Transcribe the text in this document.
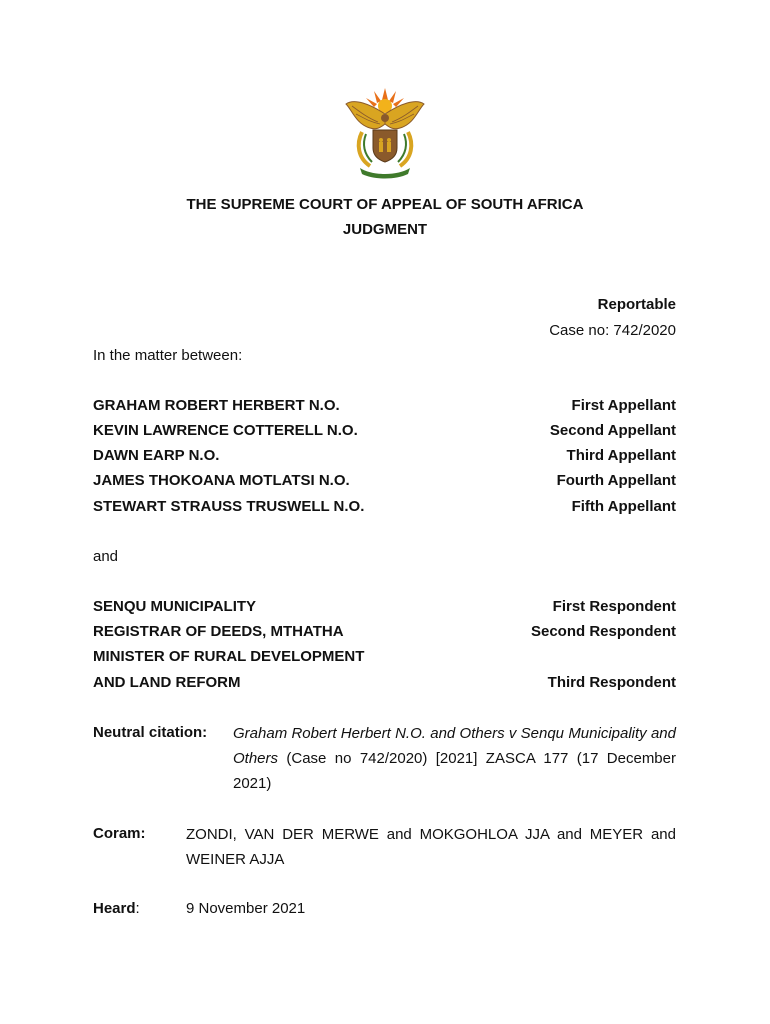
THE SUPREME COURT OF APPEAL OF SOUTH AFRICA
JUDGMENT
Reportable
Case no: 742/2020
In the matter between:
GRAHAM ROBERT HERBERT N.O.	First Appellant
KEVIN LAWRENCE COTTERELL N.O.	Second Appellant
DAWN EARP N.O.	Third Appellant
JAMES THOKOANA MOTLATSI N.O.	Fourth Appellant
STEWART STRAUSS TRUSWELL N.O.	Fifth Appellant
and
SENQU MUNICIPALITY	First Respondent
REGISTRAR OF DEEDS, MTHATHA	Second Respondent
MINISTER OF RURAL DEVELOPMENT
AND LAND REFORM	Third Respondent
Neutral citation: Graham Robert Herbert N.O. and Others v Senqu Municipality and Others (Case no 742/2020) [2021] ZASCA 177 (17 December 2021)
Coram:	ZONDI, VAN DER MERWE and MOKGOHLOA JJA and MEYER and WEINER AJJA
Heard:	9 November 2021
